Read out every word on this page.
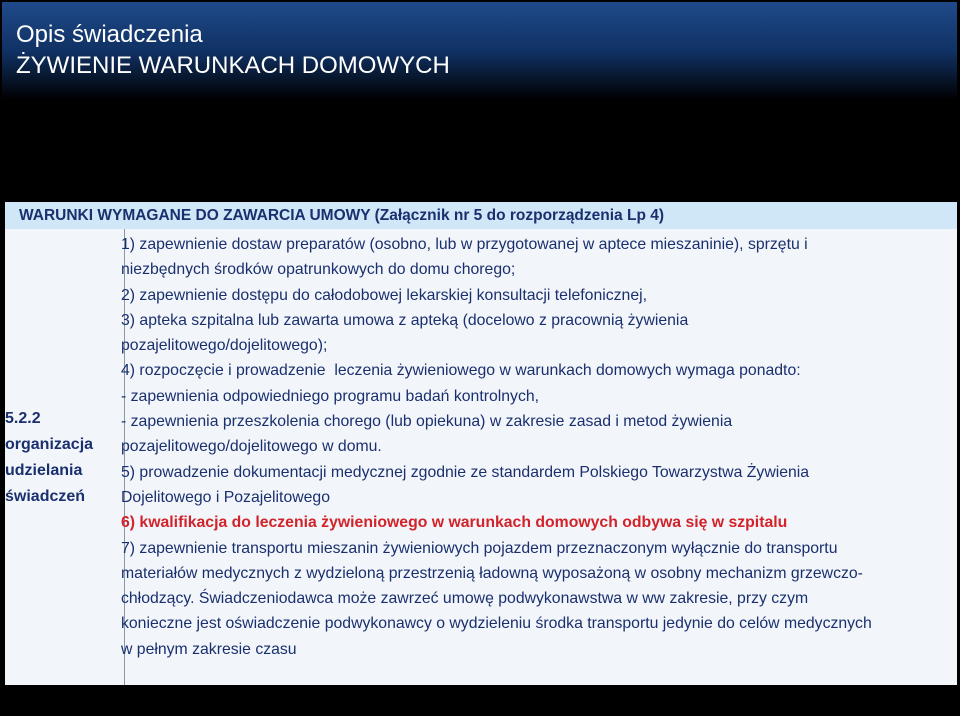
Opis świadczenia
ŻYWIENIE WARUNKACH DOMOWYCH
WARUNKI WYMAGANE DO ZAWARCIA UMOWY (Załącznik nr 5 do rozporządzenia Lp 4)
5.2.2
organizacja
udzielania
świadczeń
1) zapewnienie dostaw preparatów (osobno, lub w przygotowanej w aptece mieszaninie), sprzętu i
niezbędnych środków opatrunkowych do domu chorego;
2) zapewnienie dostępu do całodobowej lekarskiej konsultacji telefonicznej,
3) apteka szpitalna lub zawarta umowa z apteką (docelowo z pracownią żywienia
pozajelitowego/dojelitowego);
4) rozpoczęcie i prowadzenie  leczenia żywieniowego w warunkach domowych wymaga ponadto:
- zapewnienia odpowiedniego programu badań kontrolnych,
- zapewnienia przeszkolenia chorego (lub opiekuna) w zakresie zasad i metod żywienia
pozajelitowego/dojelitowego w domu.
5) prowadzenie dokumentacji medycznej zgodnie ze standardem Polskiego Towarzystwa Żywienia
Dojelitowego i Pozajelitowego
6) kwalifikacja do leczenia żywieniowego w warunkach domowych odbywa się w szpitalu
7) zapewnienie transportu mieszanin żywieniowych pojazdem przeznaczonym wyłącznie do transportu
materiałów medycznych z wydzieloną przestrzenią ładowną wyposażoną w osobny mechanizm grzewczo-
chłodzący. Świadczeniodawca może zawrzeć umowę podwykonawstwa w ww zakresie, przy czym
konieczne jest oświadczenie podwykonawcy o wydzieleniu środka transportu jedynie do celów medycznych
w pełnym zakresie czasu
